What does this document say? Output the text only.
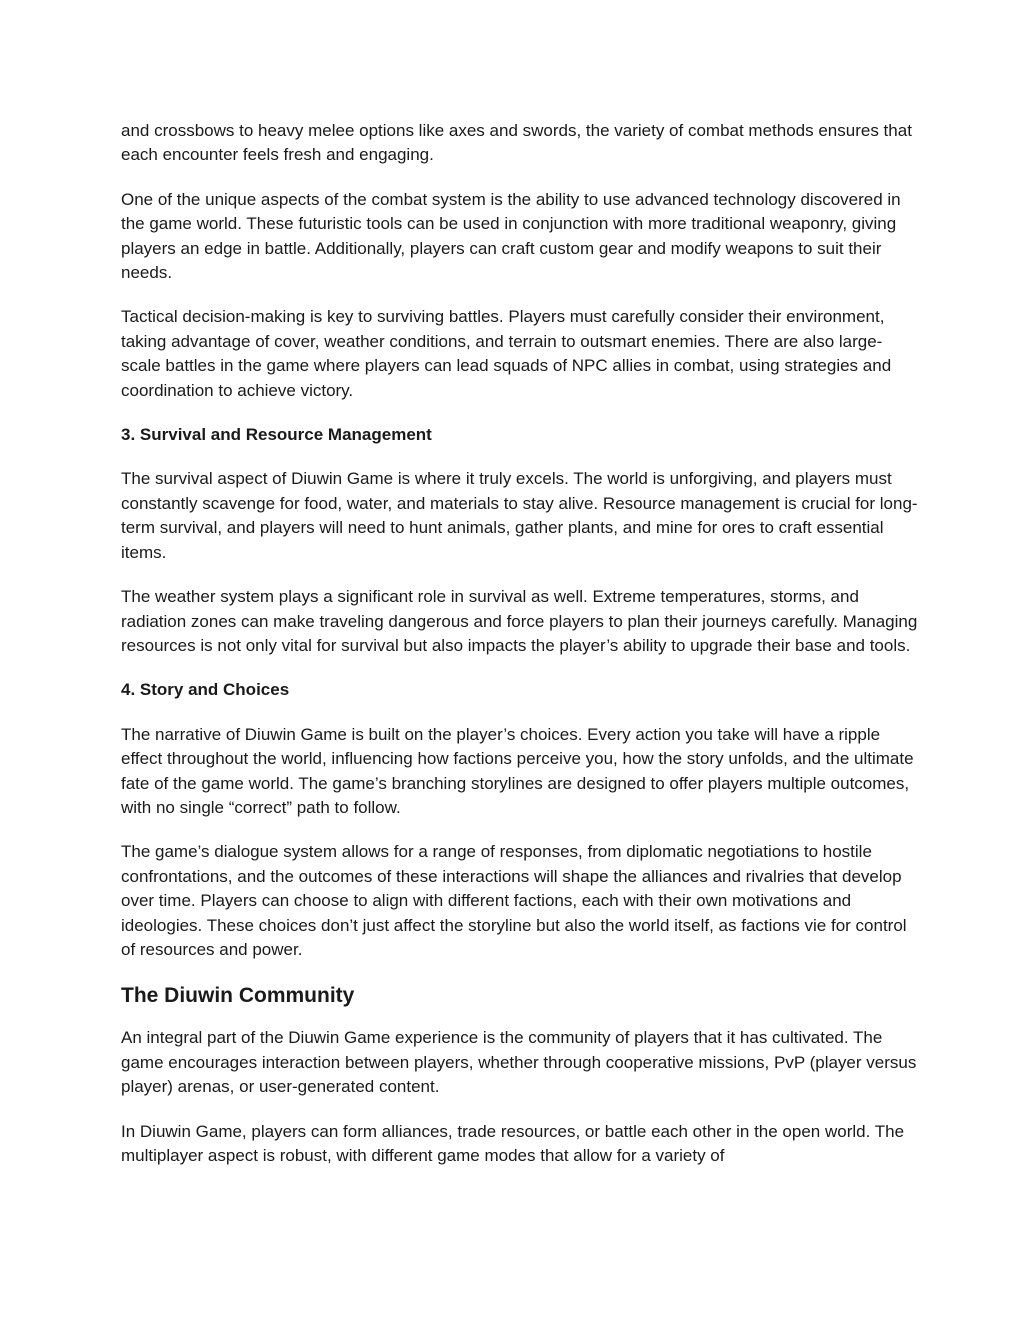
and crossbows to heavy melee options like axes and swords, the variety of combat methods ensures that each encounter feels fresh and engaging.

One of the unique aspects of the combat system is the ability to use advanced technology discovered in the game world. These futuristic tools can be used in conjunction with more traditional weaponry, giving players an edge in battle. Additionally, players can craft custom gear and modify weapons to suit their needs.

Tactical decision-making is key to surviving battles. Players must carefully consider their environment, taking advantage of cover, weather conditions, and terrain to outsmart enemies. There are also large-scale battles in the game where players can lead squads of NPC allies in combat, using strategies and coordination to achieve victory.

3. Survival and Resource Management

The survival aspect of Diuwin Game is where it truly excels. The world is unforgiving, and players must constantly scavenge for food, water, and materials to stay alive. Resource management is crucial for long-term survival, and players will need to hunt animals, gather plants, and mine for ores to craft essential items.

The weather system plays a significant role in survival as well. Extreme temperatures, storms, and radiation zones can make traveling dangerous and force players to plan their journeys carefully. Managing resources is not only vital for survival but also impacts the player’s ability to upgrade their base and tools.

4. Story and Choices

The narrative of Diuwin Game is built on the player’s choices. Every action you take will have a ripple effect throughout the world, influencing how factions perceive you, how the story unfolds, and the ultimate fate of the game world. The game’s branching storylines are designed to offer players multiple outcomes, with no single “correct” path to follow.

The game’s dialogue system allows for a range of responses, from diplomatic negotiations to hostile confrontations, and the outcomes of these interactions will shape the alliances and rivalries that develop over time. Players can choose to align with different factions, each with their own motivations and ideologies. These choices don’t just affect the storyline but also the world itself, as factions vie for control of resources and power.

The Diuwin Community

An integral part of the Diuwin Game experience is the community of players that it has cultivated. The game encourages interaction between players, whether through cooperative missions, PvP (player versus player) arenas, or user-generated content.

In Diuwin Game, players can form alliances, trade resources, or battle each other in the open world. The multiplayer aspect is robust, with different game modes that allow for a variety of
